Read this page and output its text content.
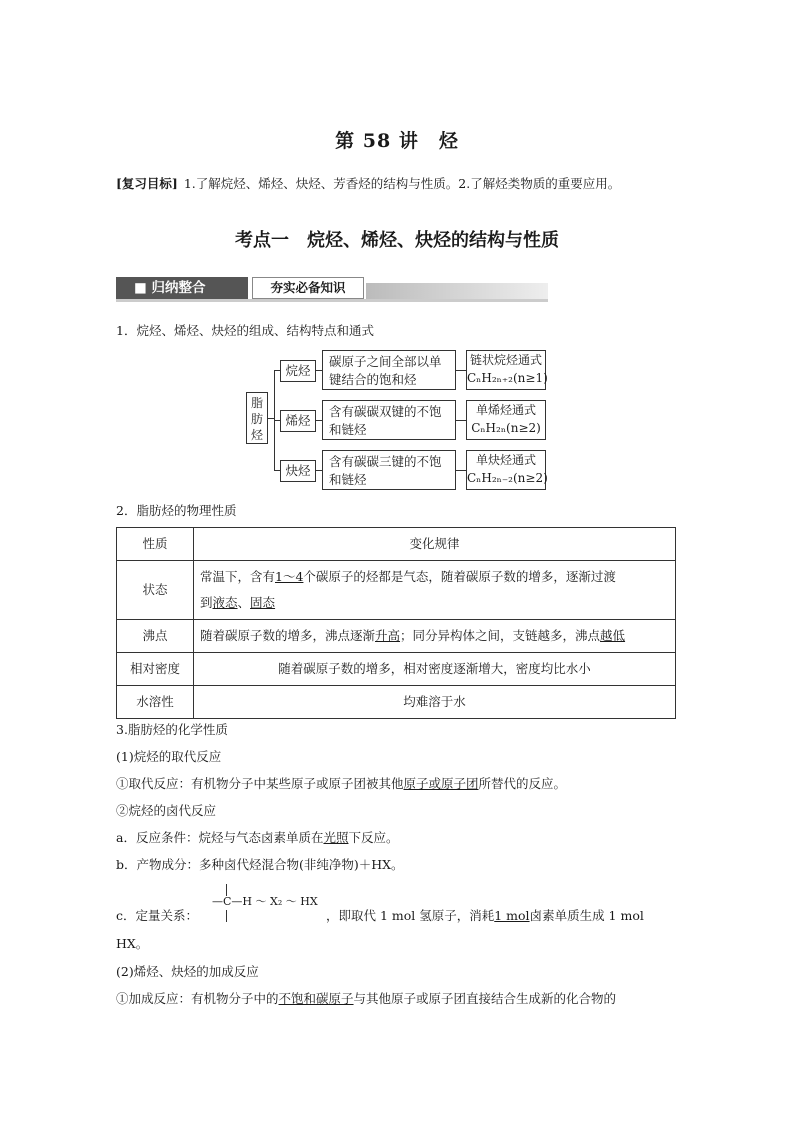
第 58 讲　烃
[复习目标] 1.了解烷烃、烯烃、炔烃、芳香烃的结构与性质。2.了解烃类物质的重要应用。
考点一　烷烃、烯烃、炔烃的结构与性质
■ 归纳整合	夯实必备知识
1．烷烃、烯烃、炔烃的组成、结构特点和通式
脂肪烃
烷烃
碳原子之间全部以单
键结合的饱和烃
链状烷烃通式
CₙH₂ₙ₊₂(n≥1)
烯烃
含有碳碳双键的不饱
和链烃
单烯烃通式
CₙH₂ₙ(n≥2)
炔烃
含有碳碳三键的不饱
和链烃
单炔烃通式
CₙH₂ₙ₋₂(n≥2)
2．脂肪烃的物理性质
性质	变化规律
状态	常温下，含有1～4个碳原子的烃都是气态，随着碳原子数的增多，逐渐过渡
到液态、固态
沸点	随着碳原子数的增多，沸点逐渐升高；同分异构体之间，支链越多，沸点越低
相对密度	随着碳原子数的增多，相对密度逐渐增大，密度均比水小
水溶性	均难溶于水
3.脂肪烃的化学性质
(1)烷烃的取代反应
①取代反应：有机物分子中某些原子或原子团被其他原子或原子团所替代的反应。
②烷烃的卤代反应
a．反应条件：烷烃与气态卤素单质在光照下反应。
b．产物成分：多种卤代烃混合物(非纯净物)＋HX。
c．定量关系：
—C—H ～ X₂ ～ HX
，即取代 1 mol 氢原子，消耗1 mol卤素单质生成 1 mol
HX。
(2)烯烃、炔烃的加成反应
①加成反应：有机物分子中的不饱和碳原子与其他原子或原子团直接结合生成新的化合物的
